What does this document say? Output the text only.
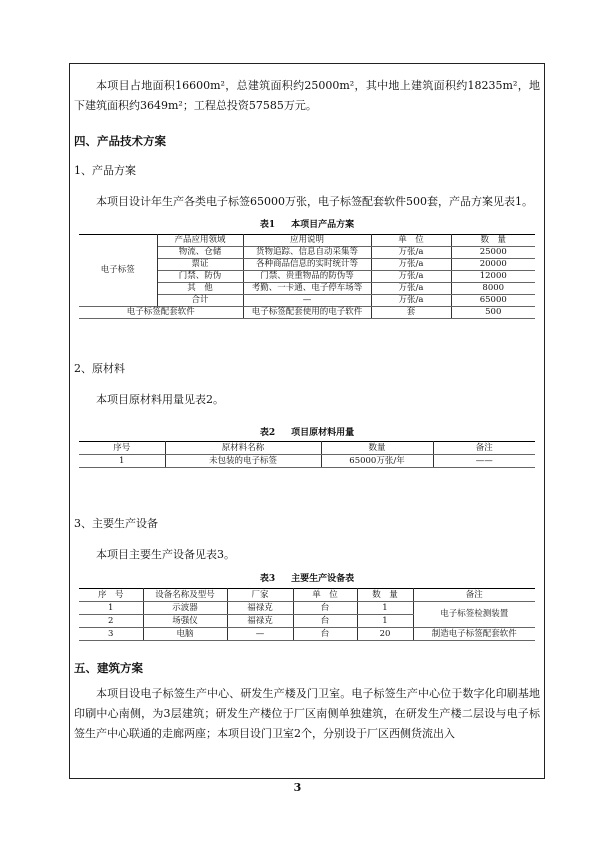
本项目占地面积16600m²，总建筑面积约25000m²，其中地上建筑面积约18235m²，地下建筑面积约3649m²；工程总投资57585万元。

四、产品技术方案

1、产品方案

本项目设计年生产各类电子标签65000万张，电子标签配套软件500套，产品方案见表1。

表1 本项目产品方案

电子标签	产品应用领域	应用说明	单　位	数　量
	物流、仓储	货物追踪、信息自动采集等	万张/a	25000
	票证	各种商品信息的实时统计等	万张/a	20000
	门禁、防伪	门禁、贵重物品的防伪等	万张/a	12000
	其　他	考勤、一卡通、电子停车场等	万张/a	8000
	合计	—	万张/a	65000
电子标签配套软件		电子标签配套使用的电子软件	套	500

2、原材料

本项目原材料用量见表2。

表2 项目原材料用量

序号	原材料名称	数量	备注
1	未包装的电子标签	65000万张/年	——

3、主要生产设备

本项目主要生产设备见表3。

表3 主要生产设备表

序　号	设备名称及型号	厂家	单　位	数　量	备注
1	示波器	福禄克	台	1	电子标签检测装置
2	场强仪	福禄克	台	1	
3	电脑	—	台	20	制造电子标签配套软件

五、建筑方案

本项目设电子标签生产中心、研发生产楼及门卫室。电子标签生产中心位于数字化印刷基地印刷中心南侧，为3层建筑；研发生产楼位于厂区南侧单独建筑，在研发生产楼二层设与电子标签生产中心联通的走廊两座；本项目设门卫室2个，分别设于厂区西侧货流出入

3
